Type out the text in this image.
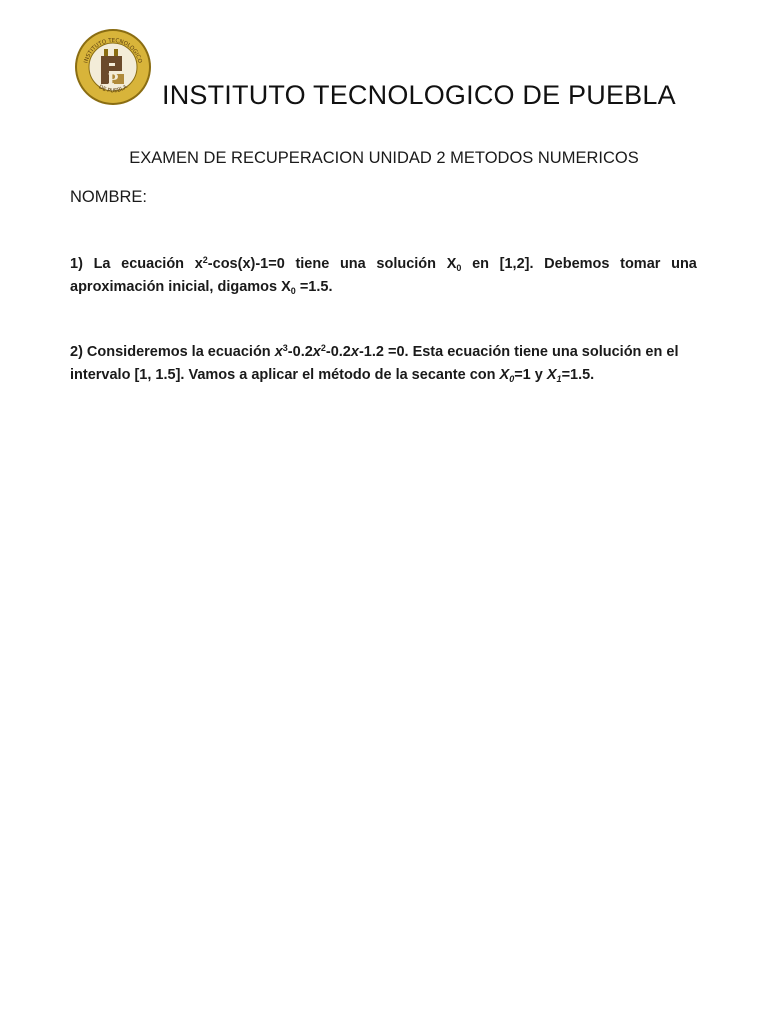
INSTITUTO TECNOLOGICO
DE PUEBLA
P INSTITUTO TECNOLOGICO DE PUEBLA
EXAMEN DE RECUPERACION UNIDAD 2 METODOS NUMERICOS
NOMBRE:
1) La ecuación $x^2-\cos(x)-1=0$ tiene una solución $X_0$ en [1,2]. Debemos tomar una
aproximación inicial, digamos $X_0 =1.5$.
2) Consideremos la ecuación $x^3-0.2x^2-0.2x-1.2 =0$. Esta ecuación tiene una solución en el
intervalo [1, 1.5]. Vamos a aplicar el método de la secante con $X_0=1$ y $X_1=1.5$.
